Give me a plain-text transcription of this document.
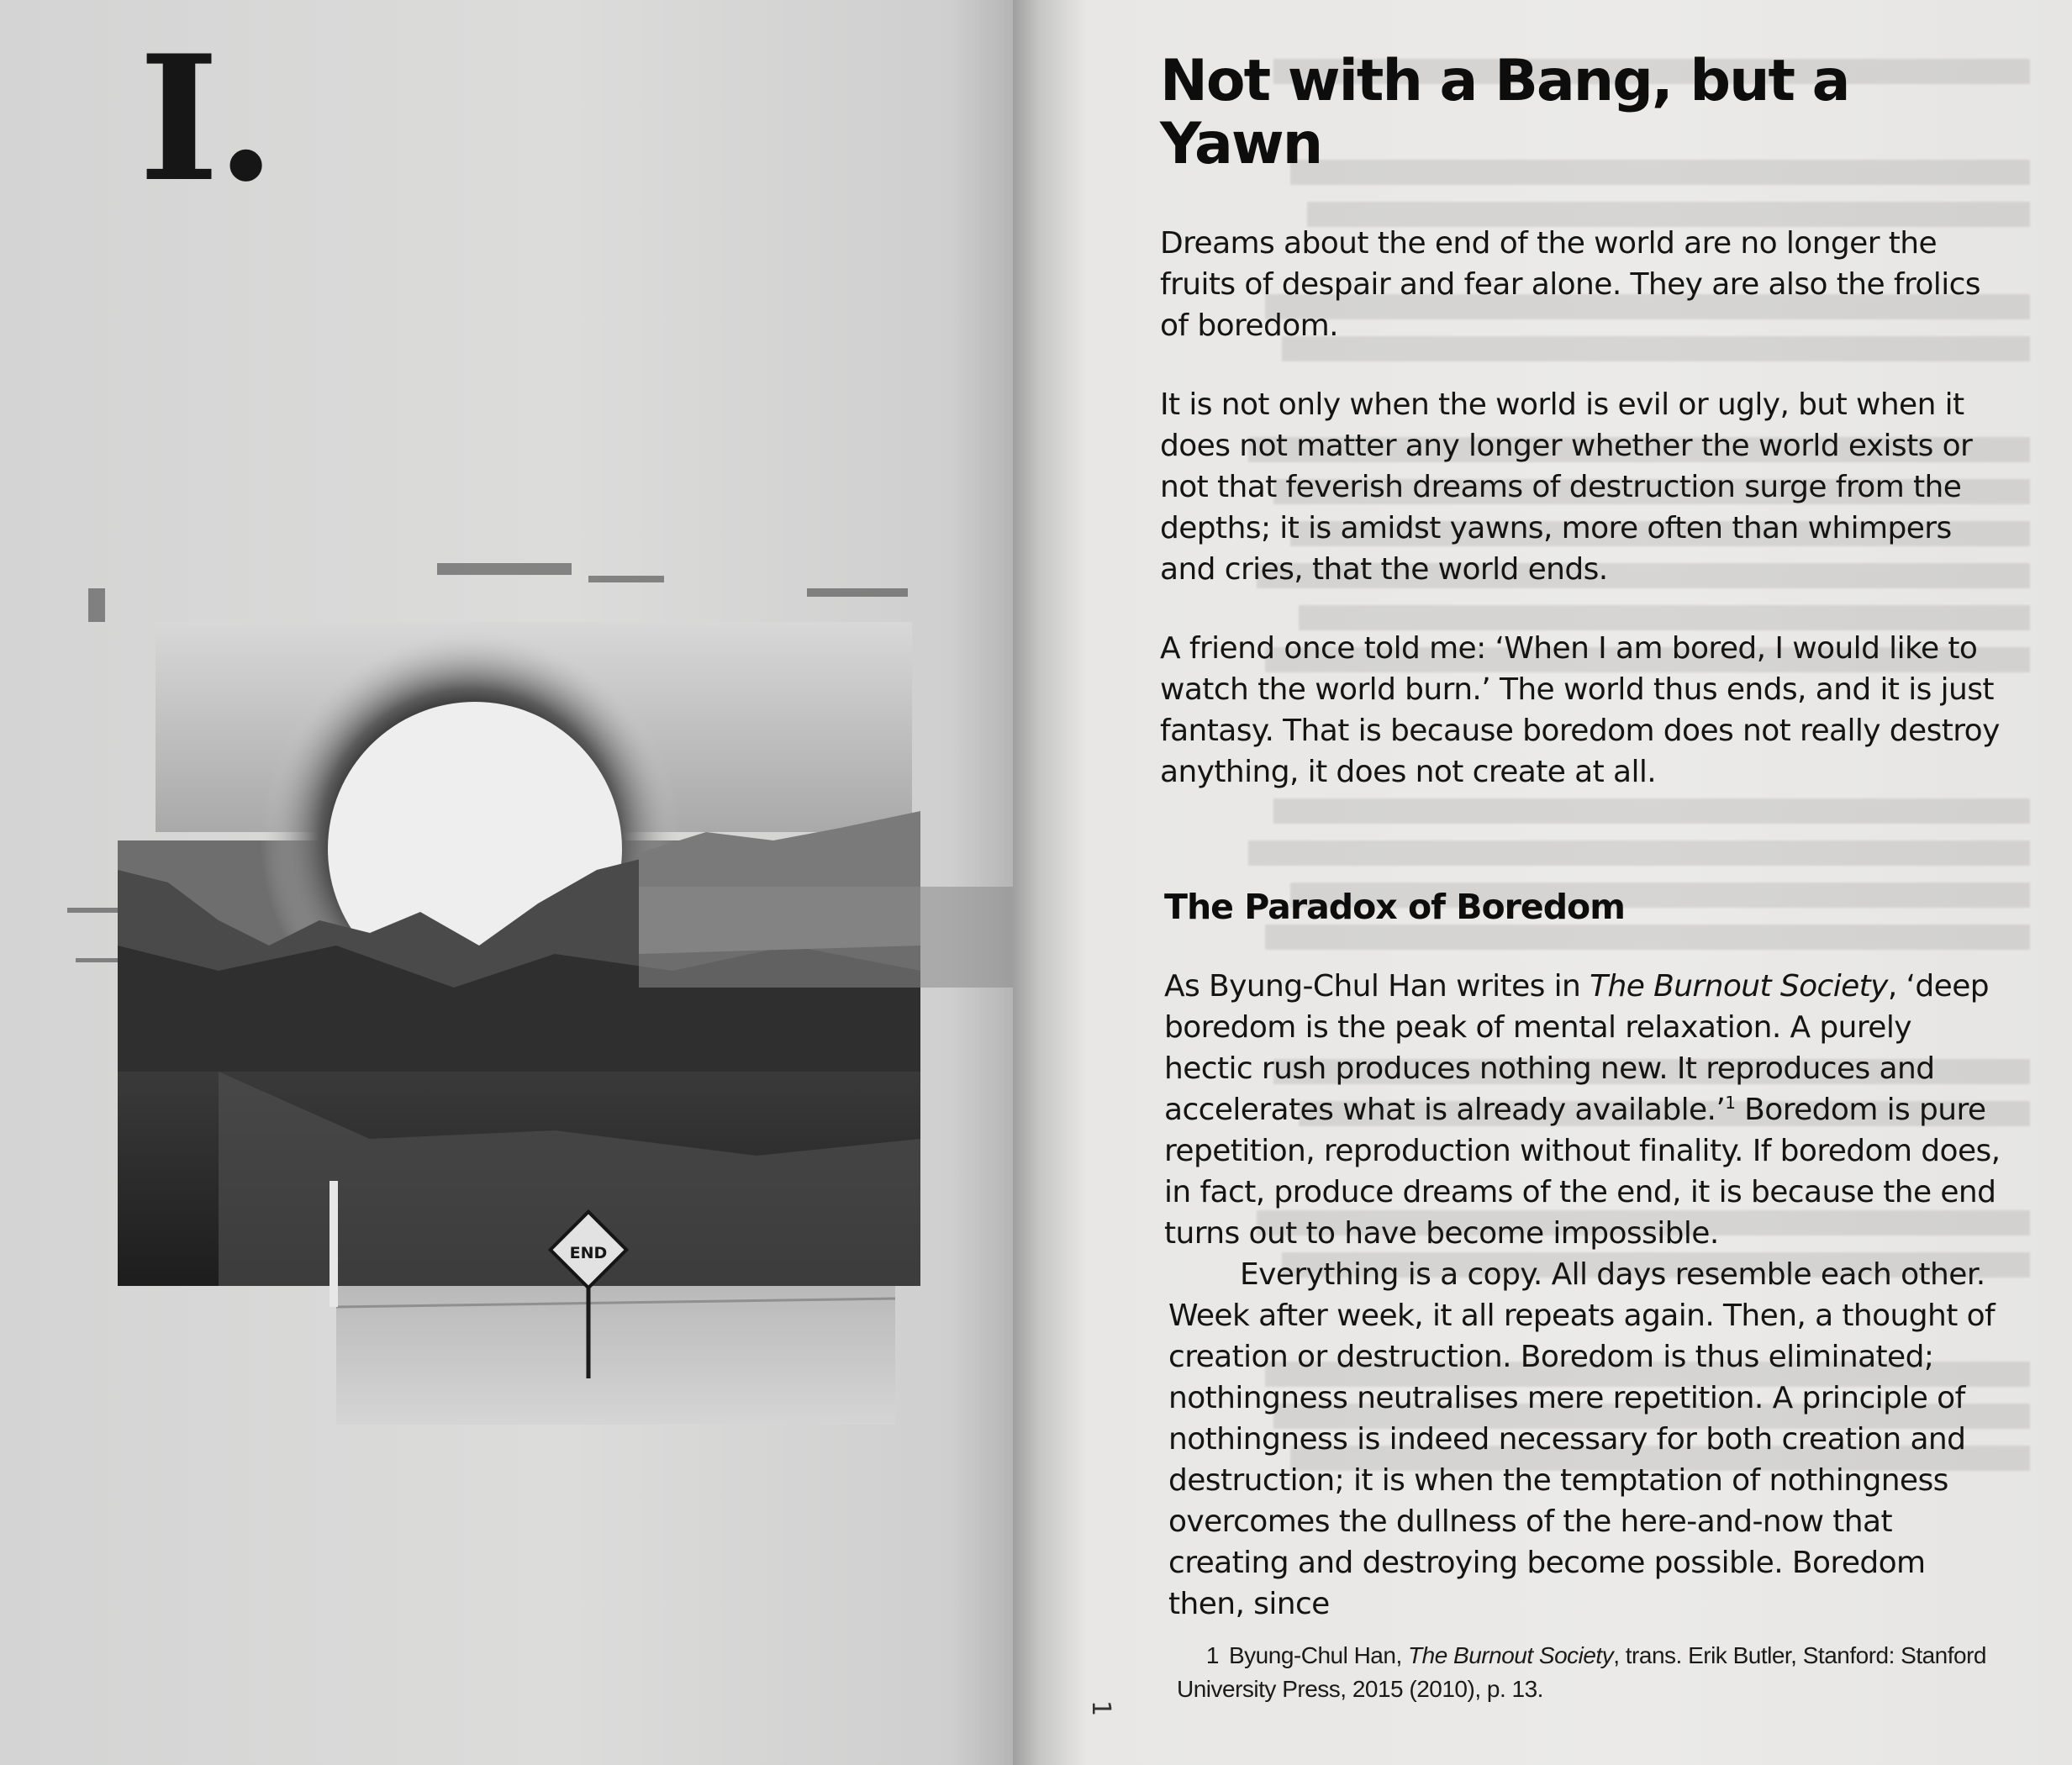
I.
END
Not with a Bang, but a Yawn

Dreams about the end of the world are no longer the fruits of despair and fear alone. They are also the frolics of boredom.

It is not only when the world is evil or ugly, but when it does not matter any longer whether the world exists or not that feverish dreams of destruction surge from the depths; it is amidst yawns, more often than whimpers and cries, that the world ends.

A friend once told me: ‘When I am bored, I would like to watch the world burn.’ The world thus ends, and it is just fantasy. That is because boredom does not really destroy anything, it does not create at all.

The Paradox of Boredom

As Byung-Chul Han writes in The Burnout Society, ‘deep boredom is the peak of mental relaxation. A purely hectic rush produces nothing new. It reproduces and accelerates what is already available.’$^1$ Boredom is pure repetition, reproduction without finality. If boredom does, in fact, produce dreams of the end, it is because the end turns out to have become impossible.

Everything is a copy. All days resemble each other. Week after week, it all repeats again. Then, a thought of creation or destruction. Boredom is thus eliminated; nothingness neutralises mere repetition. A principle of nothingness is indeed necessary for both creation and destruction; it is when the temptation of nothingness overcomes the dullness of the here-and-now that creating and destroying become possible. Boredom then, since

1 Byung-Chul Han, The Burnout Society, trans. Erik Butler, Stanford: Stanford University Press, 2015 (2010), p. 13.
1
